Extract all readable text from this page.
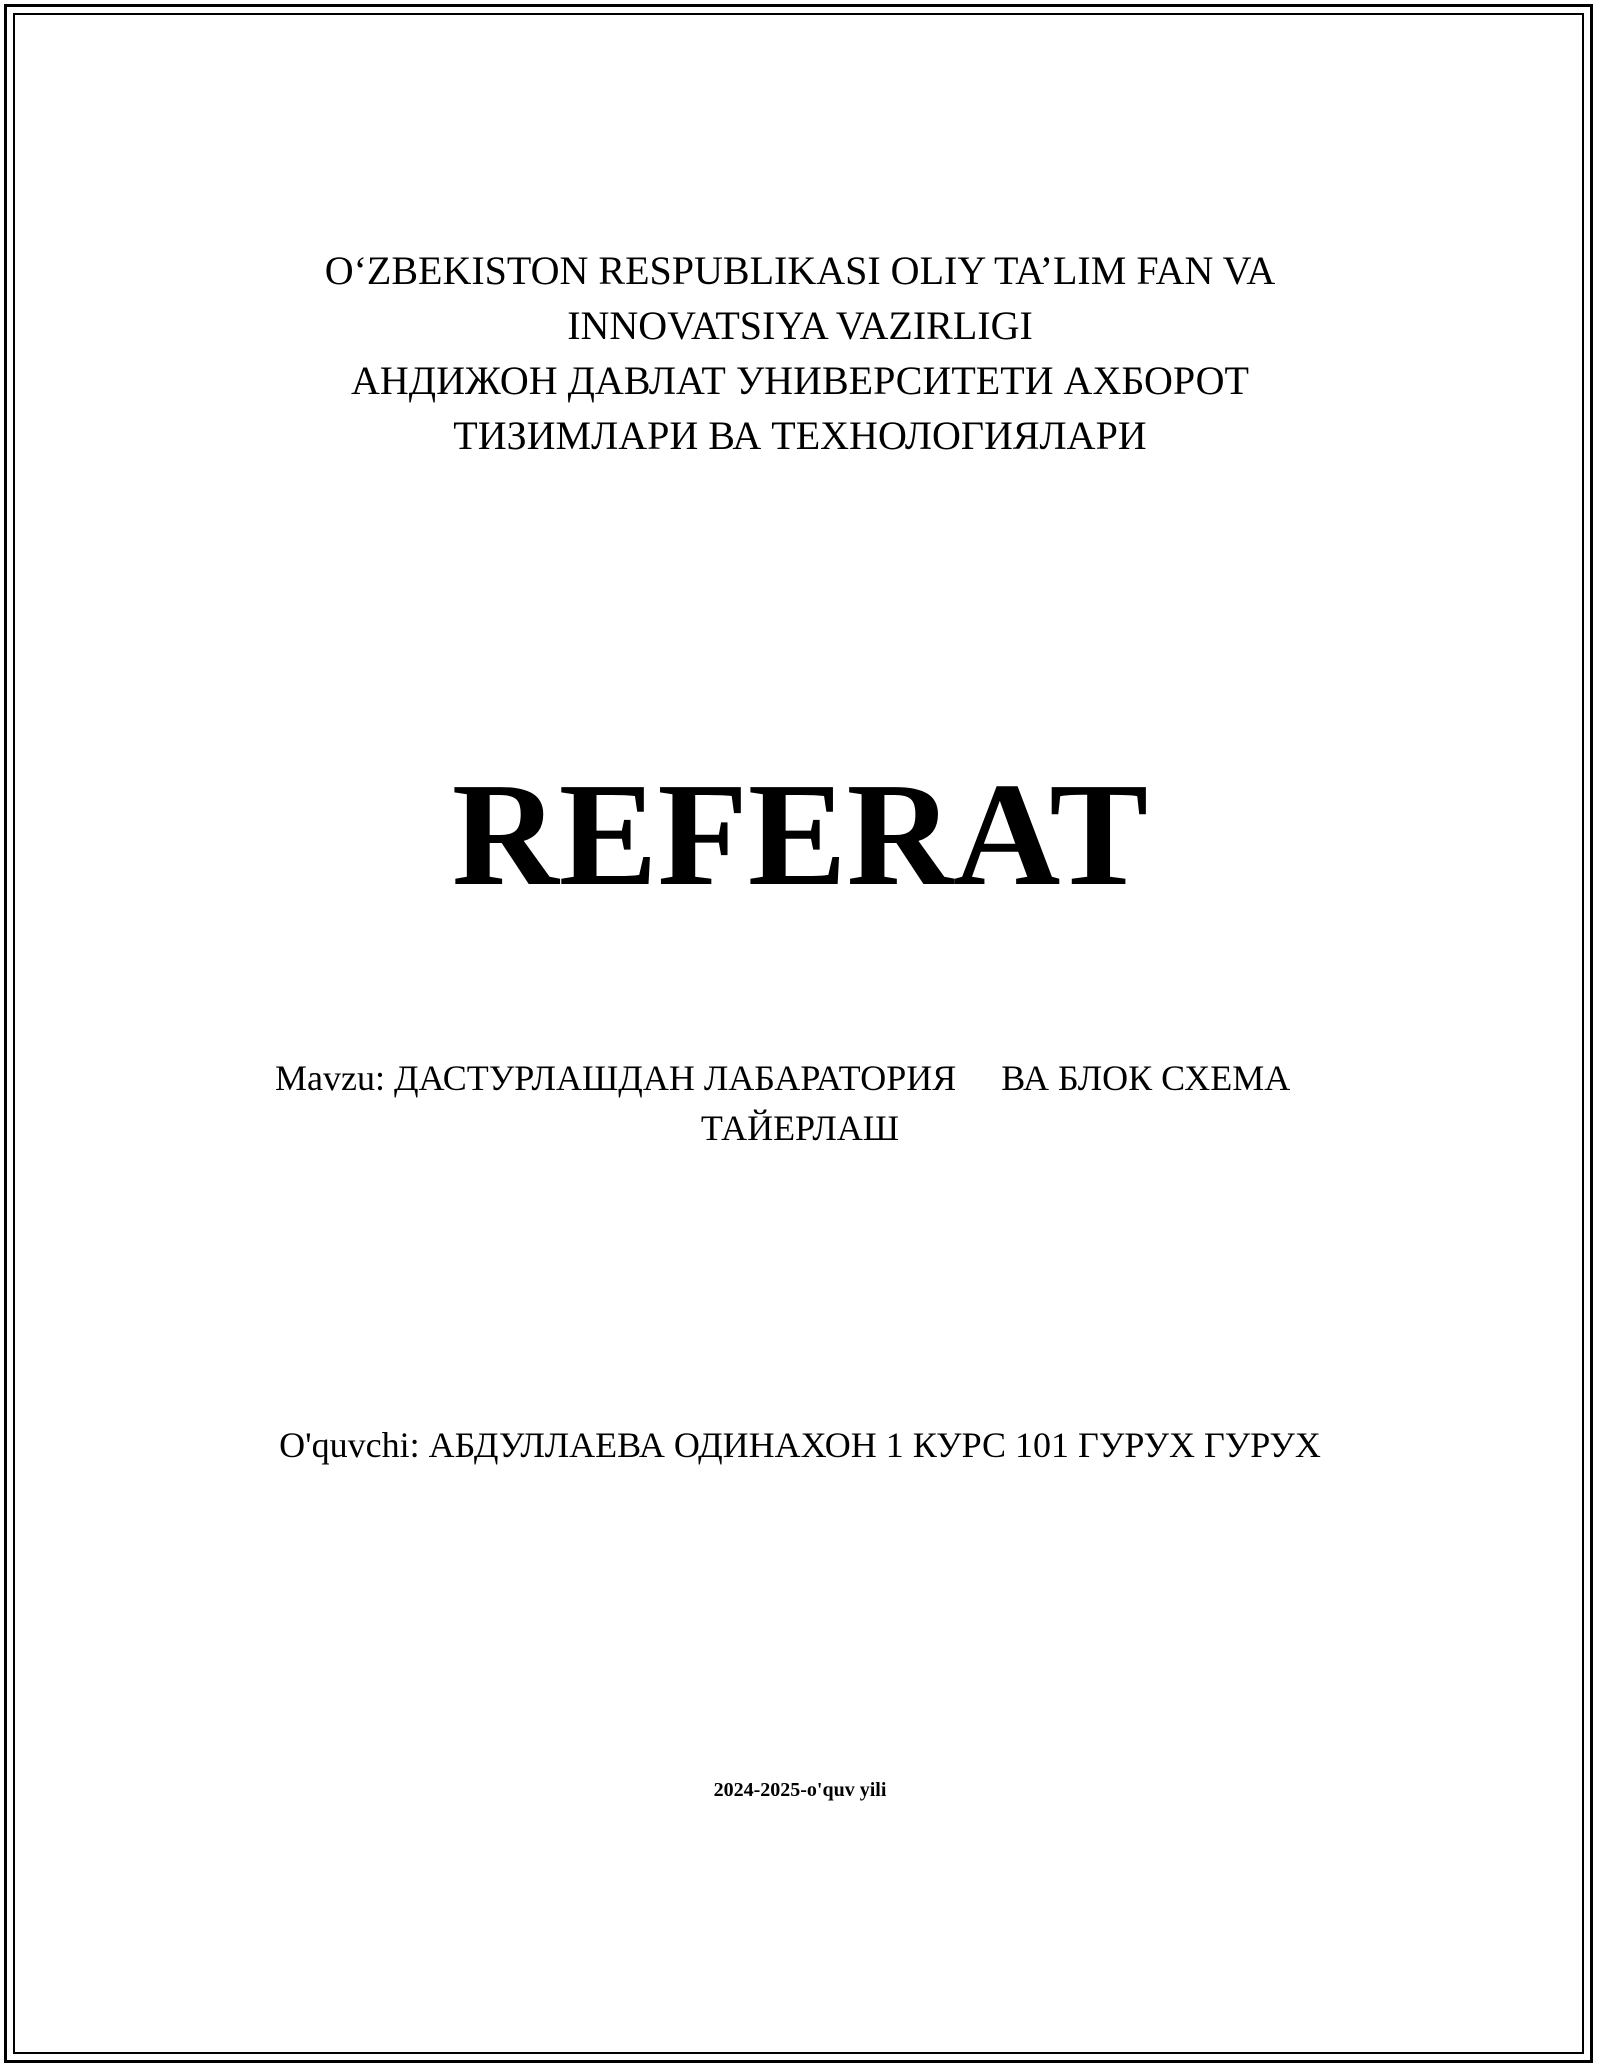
O‘ZBEKISTON RESPUBLIKASI OLIY TA’LIM FAN VA
INNOVATSIYA VAZIRLIGI
АНДИЖОН ДАВЛАТ УНИВЕРСИТЕТИ АХБОРОТ
ТИЗИМЛАРИ ВА ТЕХНОЛОГИЯЛАРИ
REFERAT
Mavzu: ДАСТУРЛАШДАН ЛАБАРАТОРИЯ     ВА БЛОК СХЕМА
ТАЙЕРЛАШ
O'quvchi: АБДУЛЛАЕВА ОДИНАХОН 1 КУРС 101 ГУРУХ ГУРУХ
2024-2025-o'quv yili
